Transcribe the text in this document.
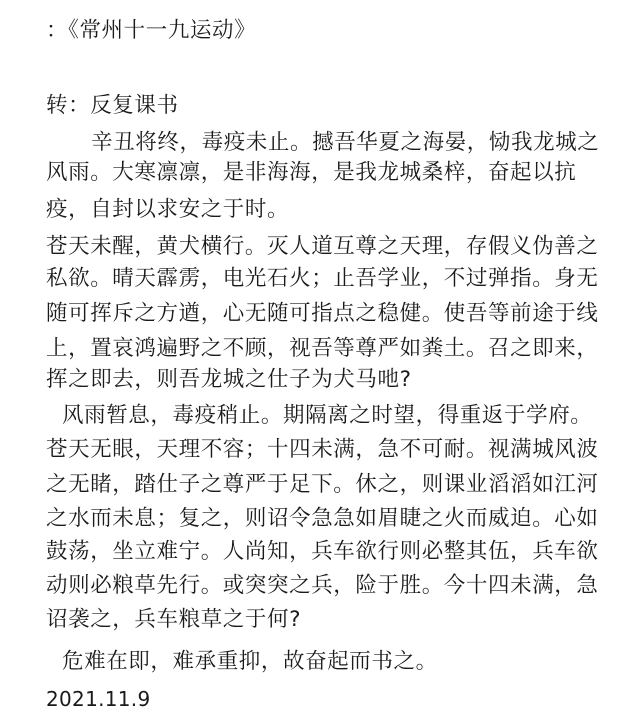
：《常州十一九运动》
转：反复课书
　辛丑将终，毒疫未止。撼吾华夏之海晏，恸我龙城之
风雨。大寒凛凛，是非海海，是我龙城桑梓，奋起以抗
疫，自封以求安之于时。
苍天未醒，黄犬横行。灭人道互尊之天理，存假义伪善之
私欲。晴天霹雳，电光石火；止吾学业，不过弹指。身无
随可挥斥之方遒，心无随可指点之稳健。使吾等前途于线
上，置哀鸿遍野之不顾，视吾等尊严如粪土。召之即来，
挥之即去，则吾龙城之仕子为犬马吔?
风雨暂息，毒疫稍止。期隔离之时望，得重返于学府。
苍天无眼，天理不容；十四未满，急不可耐。视满城风波
之无睹，踏仕子之尊严于足下。休之，则课业滔滔如江河
之水而未息；复之，则诏令急急如眉睫之火而威迫。心如
鼓荡，坐立难宁。人尚知，兵车欲行则必整其伍，兵车欲
动则必粮草先行。或突突之兵，险于胜。今十四未满，急
诏袭之，兵车粮草之于何?
危难在即，难承重抑，故奋起而书之。
2021.11.9
